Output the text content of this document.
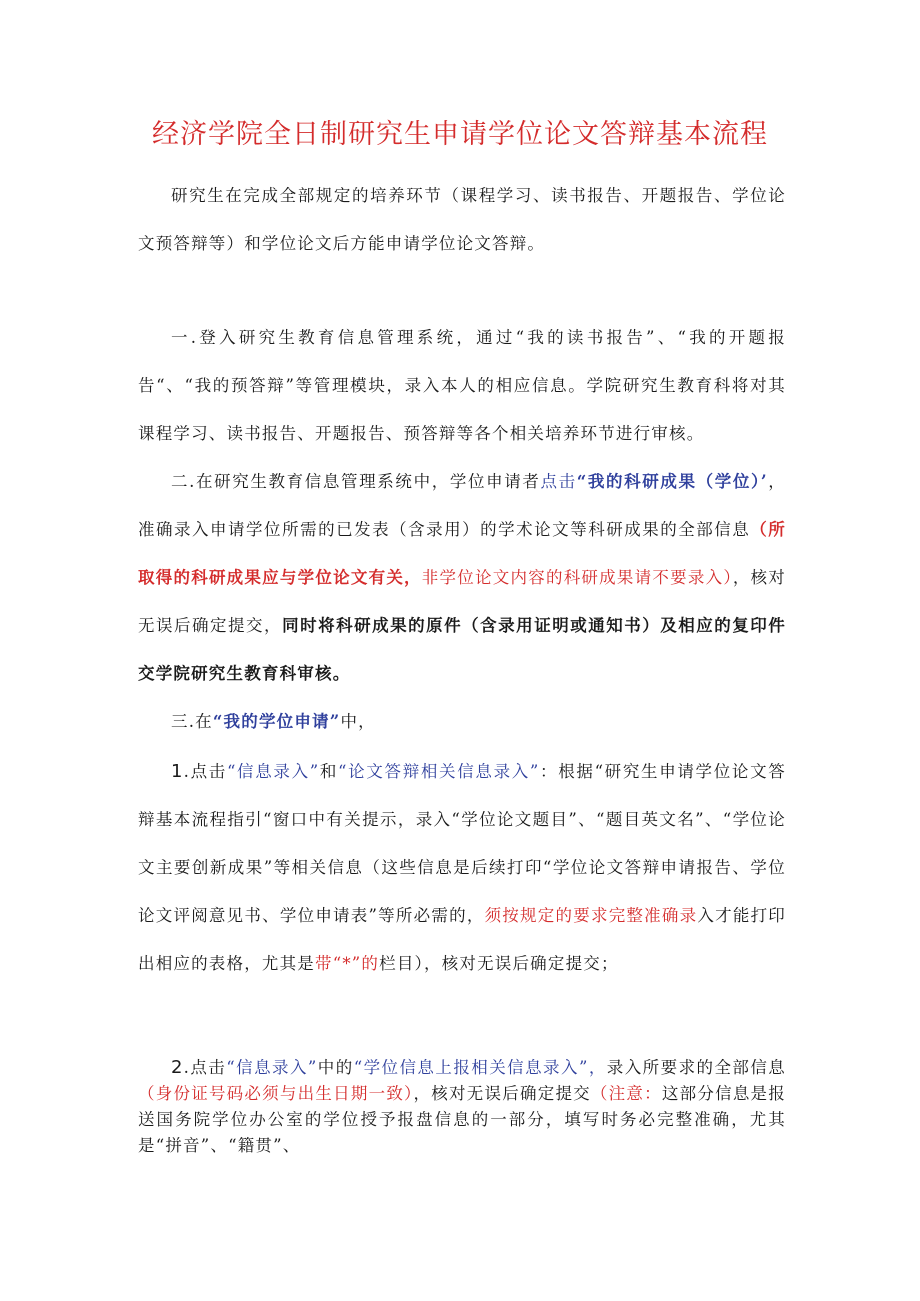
经济学院全日制研究生申请学位论文答辩基本流程

研究生在完成全部规定的培养环节（课程学习、读书报告、开题报告、学位论文预答辩等）和学位论文后方能申请学位论文答辩。

一.登入研究生教育信息管理系统，通过“我的读书报告”、“我的开题报告“、“我的预答辩”等管理模块，录入本人的相应信息。学院研究生教育科将对其课程学习、读书报告、开题报告、预答辩等各个相关培养环节进行审核。

二.在研究生教育信息管理系统中，学位申请者点击“我的科研成果（学位）’，准确录入申请学位所需的已发表（含录用）的学术论文等科研成果的全部信息（所取得的科研成果应与学位论文有关，非学位论文内容的科研成果请不要录入），核对无误后确定提交，同时将科研成果的原件（含录用证明或通知书）及相应的复印件交学院研究生教育科审核。

三.在“我的学位申请”中，

1.点击“信息录入”和“论文答辩相关信息录入”：根据“研究生申请学位论文答辩基本流程指引“窗口中有关提示，录入“学位论文题目”、“题目英文名”、“学位论文主要创新成果”等相关信息（这些信息是后续打印“学位论文答辩申请报告、学位论文评阅意见书、学位申请表”等所必需的，须按规定的要求完整准确录入才能打印出相应的表格，尤其是带“*”的栏目），核对无误后确定提交；

2.点击“信息录入”中的“学位信息上报相关信息录入”，录入所要求的全部信息（身份证号码必须与出生日期一致），核对无误后确定提交（注意：这部分信息是报送国务院学位办公室的学位授予报盘信息的一部分，填写时务必完整准确，尤其是“拼音”、“籍贯”、
